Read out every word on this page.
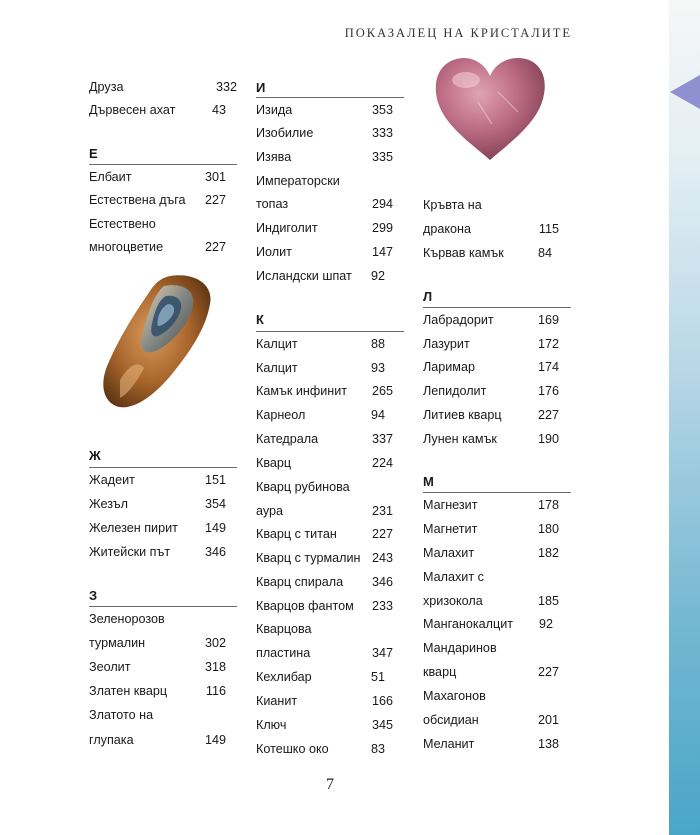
ПОКАЗАЛЕЦ НА КРИСТАЛИТЕ
7
Друза	332
Дървесен ахат	43
Е
Елбаит	301
Естествена дъга	227
Естествено
многоцветие	227
Ж
Жадеит	151
Жезъл	354
Железен пирит	149
Житейски път	346
З
Зеленорозов
турмалин	302
Зеолит	318
Златен кварц	116
Златото на
глупака	149
И
Изида	353
Изобилие	333
Изява	335
Императорски
топаз	294
Индиголит	299
Иолит	147
Исландски шпат	92
К
Калцит	88
Калцит	93
Камък инфинит	265
Карнеол	94
Катедрала	337
Кварц	224
Кварц рубинова
аура	231
Кварц с титан	227
Кварц с турмалин 243
Кварц спирала	346
Кварцов фантом	233
Кварцова
пластина	347
Кехлибар	51
Кианит	166
Ключ	345
Котешко око	83
Кръвта на
дракона	115
Кървав камък	84
Л
Лабрадорит	169
Лазурит	172
Ларимар	174
Лепидолит	176
Литиев кварц	227
Лунен камък	190
М
Магнезит	178
Магнетит	180
Малахит	182
Малахит с
хризокола	185
Манганокалцит	92
Мандаринов
кварц	227
Махагонов
обсидиан	201
Меланит	138
